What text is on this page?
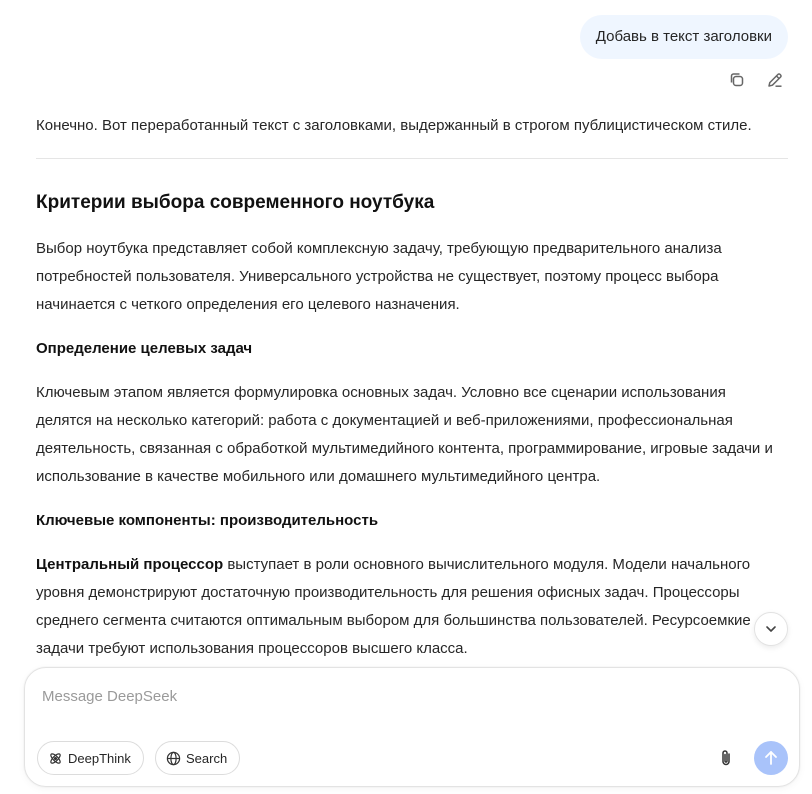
Добавь в текст заголовки

Конечно. Вот переработанный текст с заголовками, выдержанный в строгом публицистическом стиле.

Критерии выбора современного ноутбука

Выбор ноутбука представляет собой комплексную задачу, требующую предварительного анализа потребностей пользователя. Универсального устройства не существует, поэтому процесс выбора начинается с четкого определения его целевого назначения.

Определение целевых задач

Ключевым этапом является формулировка основных задач. Условно все сценарии использования делятся на несколько категорий: работа с документацией и веб-приложениями, профессиональная деятельность, связанная с обработкой мультимедийного контента, программирование, игровые задачи и использование в качестве мобильного или домашнего мультимедийного центра.

Ключевые компоненты: производительность

Центральный процессор выступает в роли основного вычислительного модуля. Модели начального уровня демонстрируют достаточную производительность для решения офисных задач. Процессоры среднего сегмента считаются оптимальным выбором для большинства пользователей. Ресурсоемкие задачи требуют использования процессоров высшего класса.

Message DeepSeek
DeepThink	Search
